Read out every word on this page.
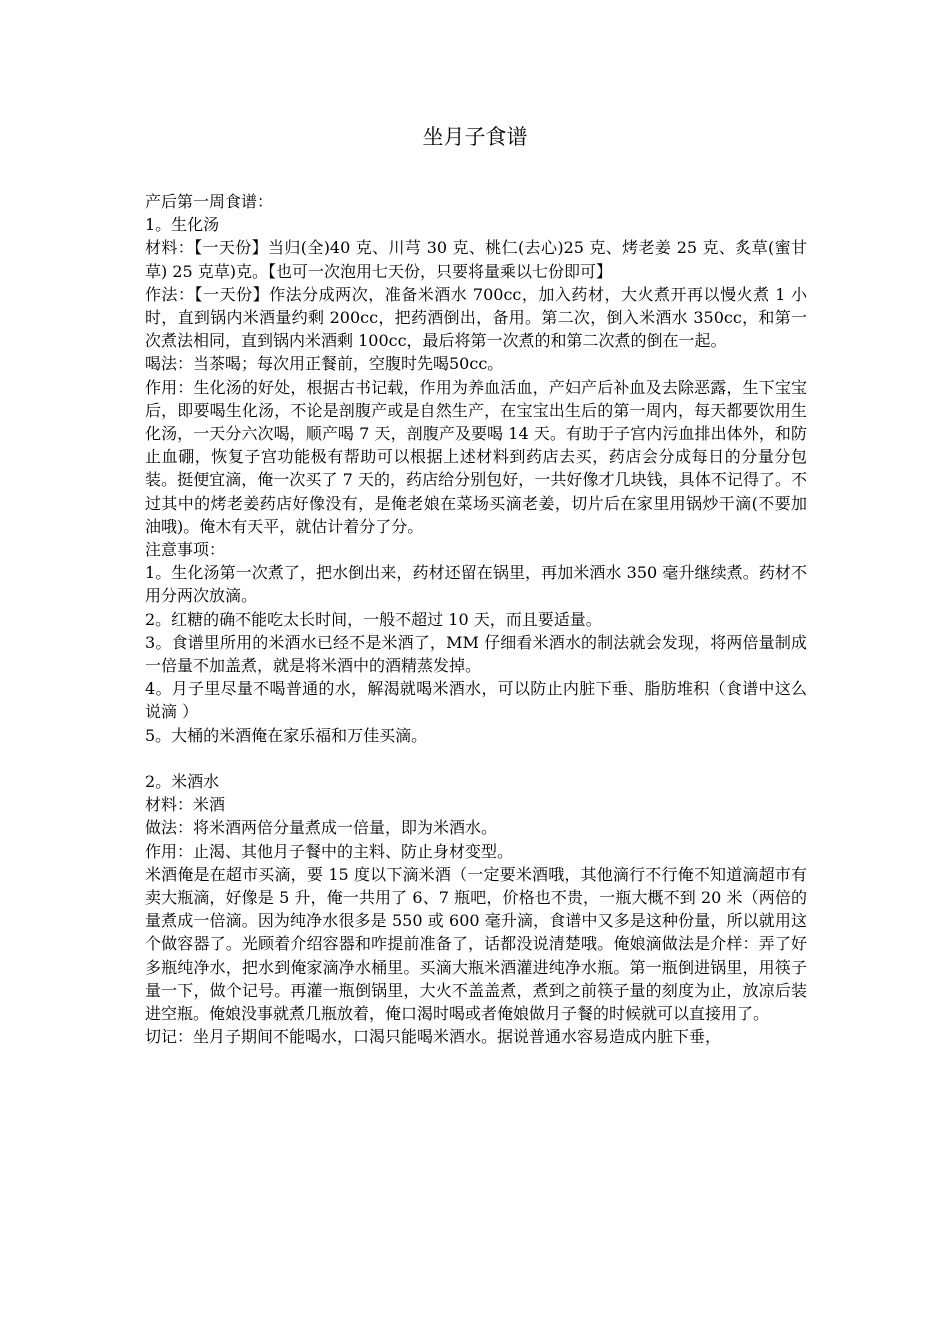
坐月子食谱

产后第一周食谱：

1。生化汤

材料：【一天份】当归(全)40 克、川芎 30 克、桃仁(去心)25 克、烤老姜 25 克、炙草(蜜甘草) 25 克草)克。【也可一次泡用七天份，只要将量乘以七份即可】

作法：【一天份】作法分成两次，准备米酒水 700cc，加入药材，大火煮开再以慢火煮 1 小时，直到锅内米酒量约剩 200cc，把药酒倒出，备用。第二次，倒入米酒水 350cc，和第一次煮法相同，直到锅内米酒剩 100cc，最后将第一次煮的和第二次煮的倒在一起。

喝法：当茶喝；每次用正餐前，空腹时先喝50cc。

作用：生化汤的好处，根据古书记载，作用为养血活血，产妇产后补血及去除恶露，生下宝宝后，即要喝生化汤，不论是剖腹产或是自然生产，在宝宝出生后的第一周内，每天都要饮用生化汤，一天分六次喝，顺产喝 7 天，剖腹产及要喝 14 天。有助于子宫内污血排出体外，和防止血硼，恢复子宫功能极有帮助可以根据上述材料到药店去买，药店会分成每日的分量分包装。挺便宜滴，俺一次买了 7 天的，药店给分别包好，一共好像才几块钱，具体不记得了。不过其中的烤老姜药店好像没有，是俺老娘在菜场买滴老姜，切片后在家里用锅炒干滴(不要加油哦)。俺木有天平，就估计着分了分。

注意事项：

1。生化汤第一次煮了，把水倒出来，药材还留在锅里，再加米酒水 350 毫升继续煮。药材不用分两次放滴。

2。红糖的确不能吃太长时间，一般不超过 10 天，而且要适量。

3。食谱里所用的米酒水已经不是米酒了，MM 仔细看米酒水的制法就会发现，将两倍量制成一倍量不加盖煮，就是将米酒中的酒精蒸发掉。

4。月子里尽量不喝普通的水，解渴就喝米酒水，可以防止内脏下垂、脂肪堆积（食谱中这么说滴 ）

5。大桶的米酒俺在家乐福和万佳买滴。

2。米酒水

材料：米酒

做法：将米酒两倍分量煮成一倍量，即为米酒水。

作用：止渴、其他月子餐中的主料、防止身材变型。

米酒俺是在超市买滴，要 15 度以下滴米酒（一定要米酒哦，其他滴行不行俺不知道滴超市有卖大瓶滴，好像是 5 升，俺一共用了 6、7 瓶吧，价格也不贵，一瓶大概不到 20 米（两倍的量煮成一倍滴。因为纯净水很多是 550 或 600 毫升滴，食谱中又多是这种份量，所以就用这个做容器了。光顾着介绍容器和咋提前准备了，话都没说清楚哦。俺娘滴做法是介样：弄了好多瓶纯净水，把水到俺家滴净水桶里。买滴大瓶米酒灌进纯净水瓶。第一瓶倒进锅里，用筷子量一下，做个记号。再灌一瓶倒锅里，大火不盖盖煮，煮到之前筷子量的刻度为止，放凉后装进空瓶。俺娘没事就煮几瓶放着，俺口渴时喝或者俺娘做月子餐的时候就可以直接用了。

切记：坐月子期间不能喝水，口渴只能喝米酒水。据说普通水容易造成内脏下垂，
